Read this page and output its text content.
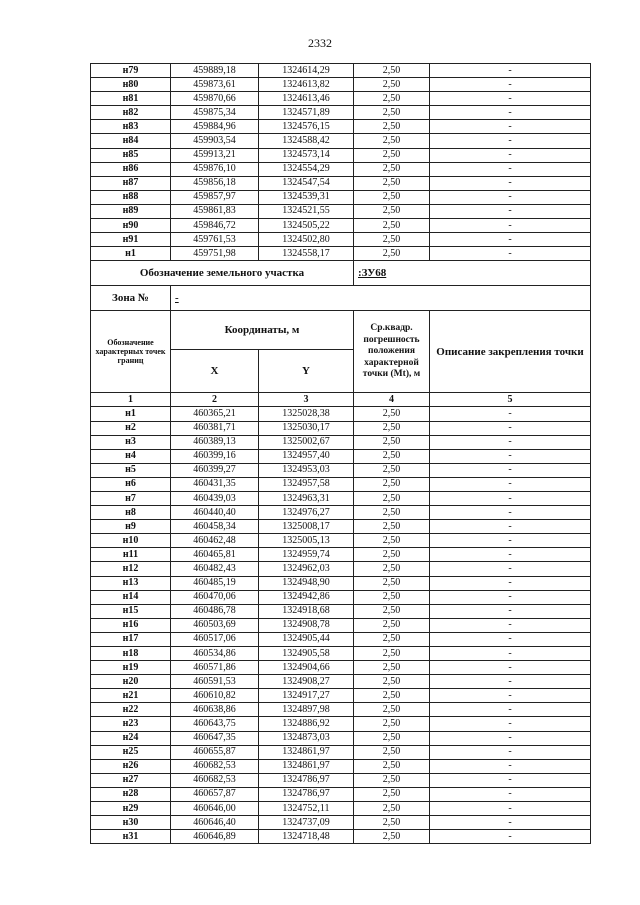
2332
н79	459889,18	1324614,29	2,50	-
н80	459873,61	1324613,82	2,50	-
н81	459870,66	1324613,46	2,50	-
н82	459875,34	1324571,89	2,50	-
н83	459884,96	1324576,15	2,50	-
н84	459903,54	1324588,42	2,50	-
н85	459913,21	1324573,14	2,50	-
н86	459876,10	1324554,29	2,50	-
н87	459856,18	1324547,54	2,50	-
н88	459857,97	1324539,31	2,50	-
н89	459861,83	1324521,55	2,50	-
н90	459846,72	1324505,22	2,50	-
н91	459761,53	1324502,80	2,50	-
н1	459751,98	1324558,17	2,50	-
Обозначение земельного участка			:ЗУ68	
Зона №	-			

Обозначение характерных точек границ	Координаты, м		Ср.квадр. погрешность положения характерной точки (Мt), м	Описание закрепления точки
	X	Y		
1	2	3	4	5
н1	460365,21	1325028,38	2,50	-
н2	460381,71	1325030,17	2,50	-
н3	460389,13	1325002,67	2,50	-
н4	460399,16	1324957,40	2,50	-
н5	460399,27	1324953,03	2,50	-
н6	460431,35	1324957,58	2,50	-
н7	460439,03	1324963,31	2,50	-
н8	460440,40	1324976,27	2,50	-
н9	460458,34	1325008,17	2,50	-
н10	460462,48	1325005,13	2,50	-
н11	460465,81	1324959,74	2,50	-
н12	460482,43	1324962,03	2,50	-
н13	460485,19	1324948,90	2,50	-
н14	460470,06	1324942,86	2,50	-
н15	460486,78	1324918,68	2,50	-
н16	460503,69	1324908,78	2,50	-
н17	460517,06	1324905,44	2,50	-
н18	460534,86	1324905,58	2,50	-
н19	460571,86	1324904,66	2,50	-
н20	460591,53	1324908,27	2,50	-
н21	460610,82	1324917,27	2,50	-
н22	460638,86	1324897,98	2,50	-
н23	460643,75	1324886,92	2,50	-
н24	460647,35	1324873,03	2,50	-
н25	460655,87	1324861,97	2,50	-
н26	460682,53	1324861,97	2,50	-
н27	460682,53	1324786,97	2,50	-
н28	460657,87	1324786,97	2,50	-
н29	460646,00	1324752,11	2,50	-
н30	460646,40	1324737,09	2,50	-
н31	460646,89	1324718,48	2,50	-
